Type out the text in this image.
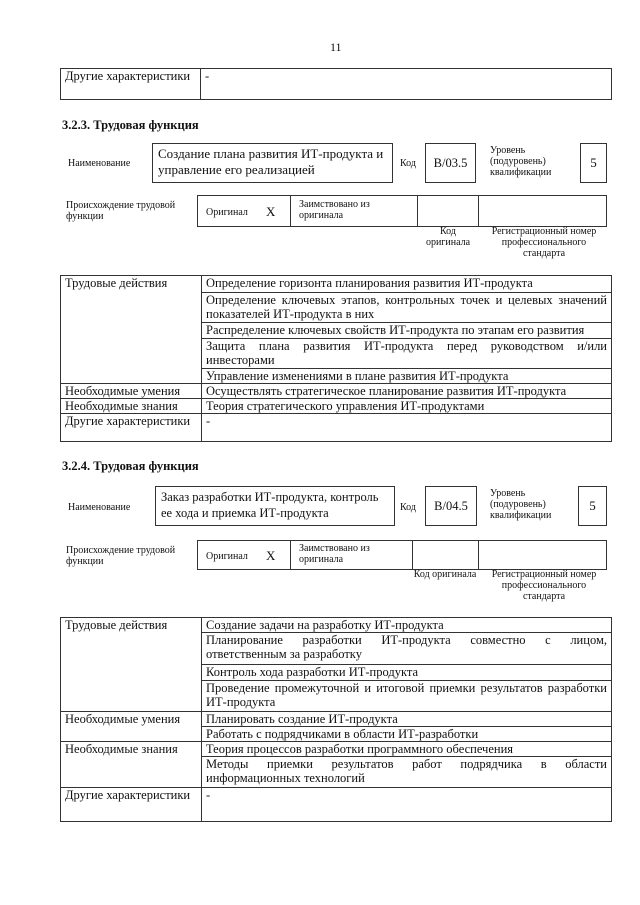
11
Другие характеристики	-
3.2.3. Трудовая функция
Наименование
Создание плана развития ИТ-продукта и управление его реализацией	Код	B/03.5
Уровень (подуровень) квалификации
5
Происхождение трудовой функции	Оригинал X	Заимствовано из оригинала
Код оригинала
Регистрационный номер профессионального стандарта
Трудовые действия	Определение горизонта планирования развития ИТ-продукта
	Определение ключевых этапов, контрольных точек и целевых значений показателей ИТ-продукта в них
	Распределение ключевых свойств ИТ-продукта по этапам его развития
	Защита плана развития ИТ-продукта перед руководством и/или инвесторами
	Управление изменениями в плане развития ИТ-продукта
Необходимые умения	Осуществлять стратегическое планирование развития ИТ-продукта
Необходимые знания	Теория стратегического управления ИТ-продуктами
Другие характеристики	-
3.2.4. Трудовая функция
Наименование
Заказ разработки ИТ-продукта, контроль ее хода и приемка ИТ-продукта	Код	B/04.5
Уровень (подуровень) квалификации
5
Происхождение трудовой функции	Оригинал X	Заимствовано из оригинала
Код оригинала	Регистрационный номер профессионального стандарта
Трудовые действия	Создание задачи на разработку ИТ-продукта
	Планирование разработки ИТ-продукта совместно с лицом, ответственным за разработку
	Контроль хода разработки ИТ-продукта
	Проведение промежуточной и итоговой приемки результатов разработки ИТ-продукта
Необходимые умения	Планировать создание ИТ-продукта
	Работать с подрядчиками в области ИТ-разработки
Необходимые знания	Теория процессов разработки программного обеспечения
	Методы приемки результатов работ подрядчика в области информационных технологий
Другие характеристики	-
